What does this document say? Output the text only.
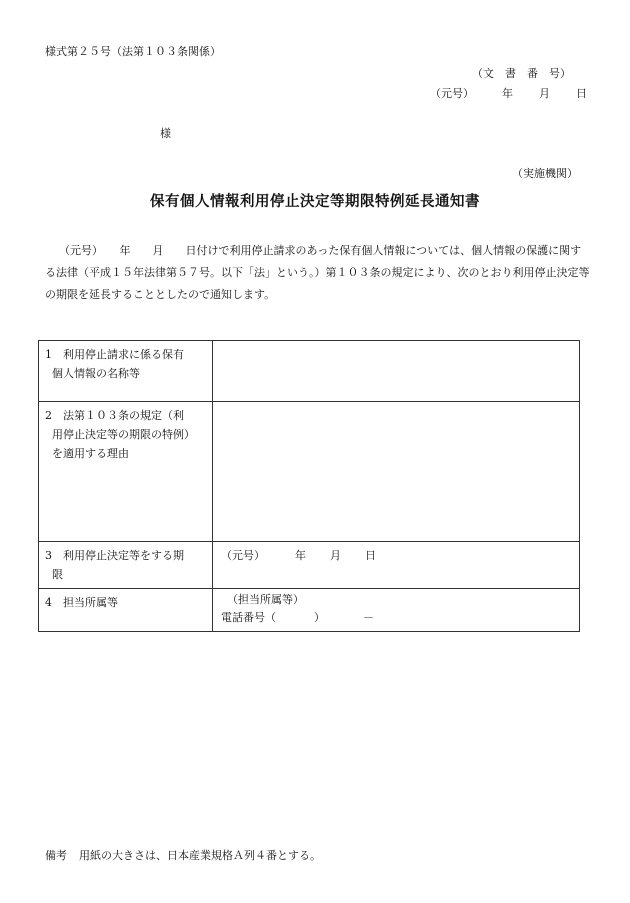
様式第２５号（法第１０３条関係）
（文　書　番　号）
（元号）	年 月 日
様
（実施機関）
保有個人情報利用停止決定等期限特例延長通知書
（元号）　　年　　月　　日付けで利用停止請求のあった保有個人情報については、個人情報の保護に関する法律（平成１５年法律第５７号。以下「法」という。）第１０３条の規定により、次のとおり利用停止決定等の期限を延長することとしたので通知します。
1 利用停止請求に係る保有
個人情報の名称等	

2 法第１０３条の規定（利
用停止決定等の期限の特例）
を適用する理由	

3 利用停止決定等をする期
限	（元号） 年 月 日

4 担当所属等	（担当所属等）
電話番号（ ） －
備考 用紙の大きさは、日本産業規格Ａ列４番とする。
